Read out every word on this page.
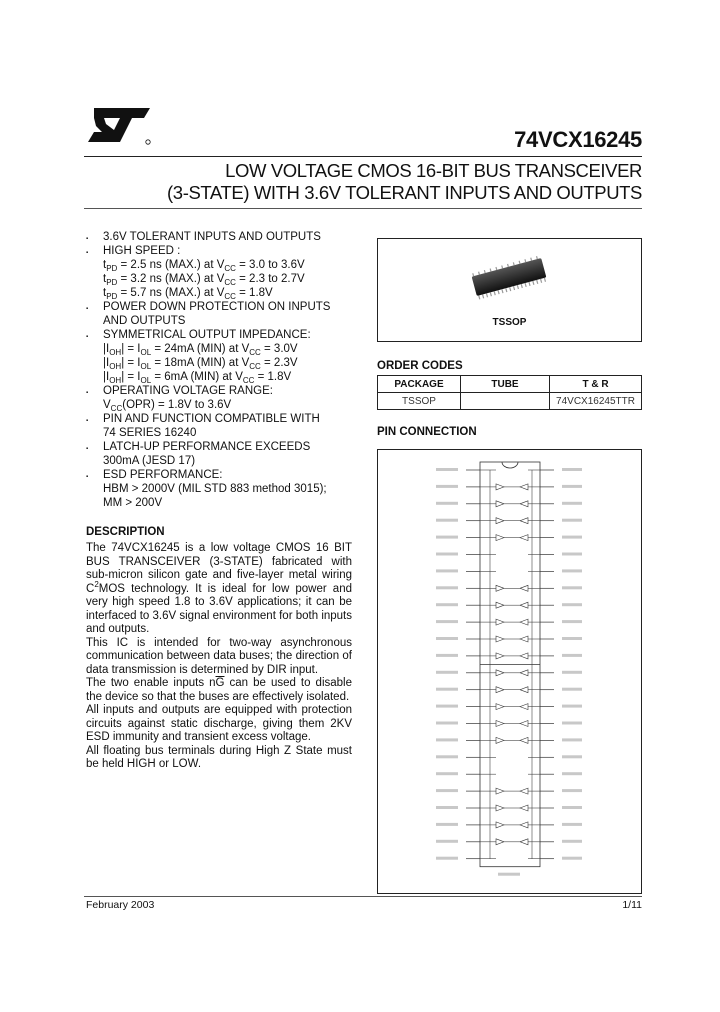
74VCX16245
LOW VOLTAGE CMOS 16-BIT BUS TRANSCEIVER
(3-STATE) WITH 3.6V TOLERANT INPUTS AND OUTPUTS
▪ 3.6V TOLERANT INPUTS AND OUTPUTS
▪ HIGH SPEED :
$t_{PD} = 2.5$ ns (MAX.) at $V_{CC} = 3.0$ to 3.6V
$t_{PD} = 3.2$ ns (MAX.) at $V_{CC} = 2.3$ to 2.7V
$t_{PD} = 5.7$ ns (MAX.) at $V_{CC} = 1.8V$
▪ POWER DOWN PROTECTION ON INPUTS
AND OUTPUTS
▪ SYMMETRICAL OUTPUT IMPEDANCE:
$|I_{OH}| = I_{OL} = 24mA$ (MIN) at $V_{CC} = 3.0V$
$|I_{OH}| = I_{OL} = 18mA$ (MIN) at $V_{CC} = 2.3V$
$|I_{OH}| = I_{OL} = 6mA$ (MIN) at $V_{CC} = 1.8V$
▪ OPERATING VOLTAGE RANGE:
$V_{CC}(OPR) = 1.8V$ to 3.6V
▪ PIN AND FUNCTION COMPATIBLE WITH
74 SERIES 16240
▪ LATCH-UP PERFORMANCE EXCEEDS
300mA (JESD 17)
▪ ESD PERFORMANCE:
HBM > 2000V (MIL STD 883 method 3015);
MM > 200V
DESCRIPTION

The 74VCX16245 is a low voltage CMOS 16 BIT BUS TRANSCEIVER (3-STATE) fabricated with sub-micron silicon gate and five-layer metal wiring $C^2MOS$ technology. It is ideal for low power and very high speed 1.8 to 3.6V applications; it can be interfaced to 3.6V signal environment for both inputs and outputs.

This IC is intended for two-way asynchronous communication between data buses; the direction of data transmission is determined by DIR input.

The two enable inputs $n\overline{G}$ can be used to disable the device so that the buses are effectively isolated.

All inputs and outputs are equipped with protection circuits against static discharge, giving them 2KV ESD immunity and transient excess voltage.

All floating bus terminals during High Z State must be held HIGH or LOW.

TSSOP
ORDER CODES
PACKAGE	TUBE	T & R
TSSOP		74VCX16245TTR
PIN CONNECTION
February 2003	1/11
